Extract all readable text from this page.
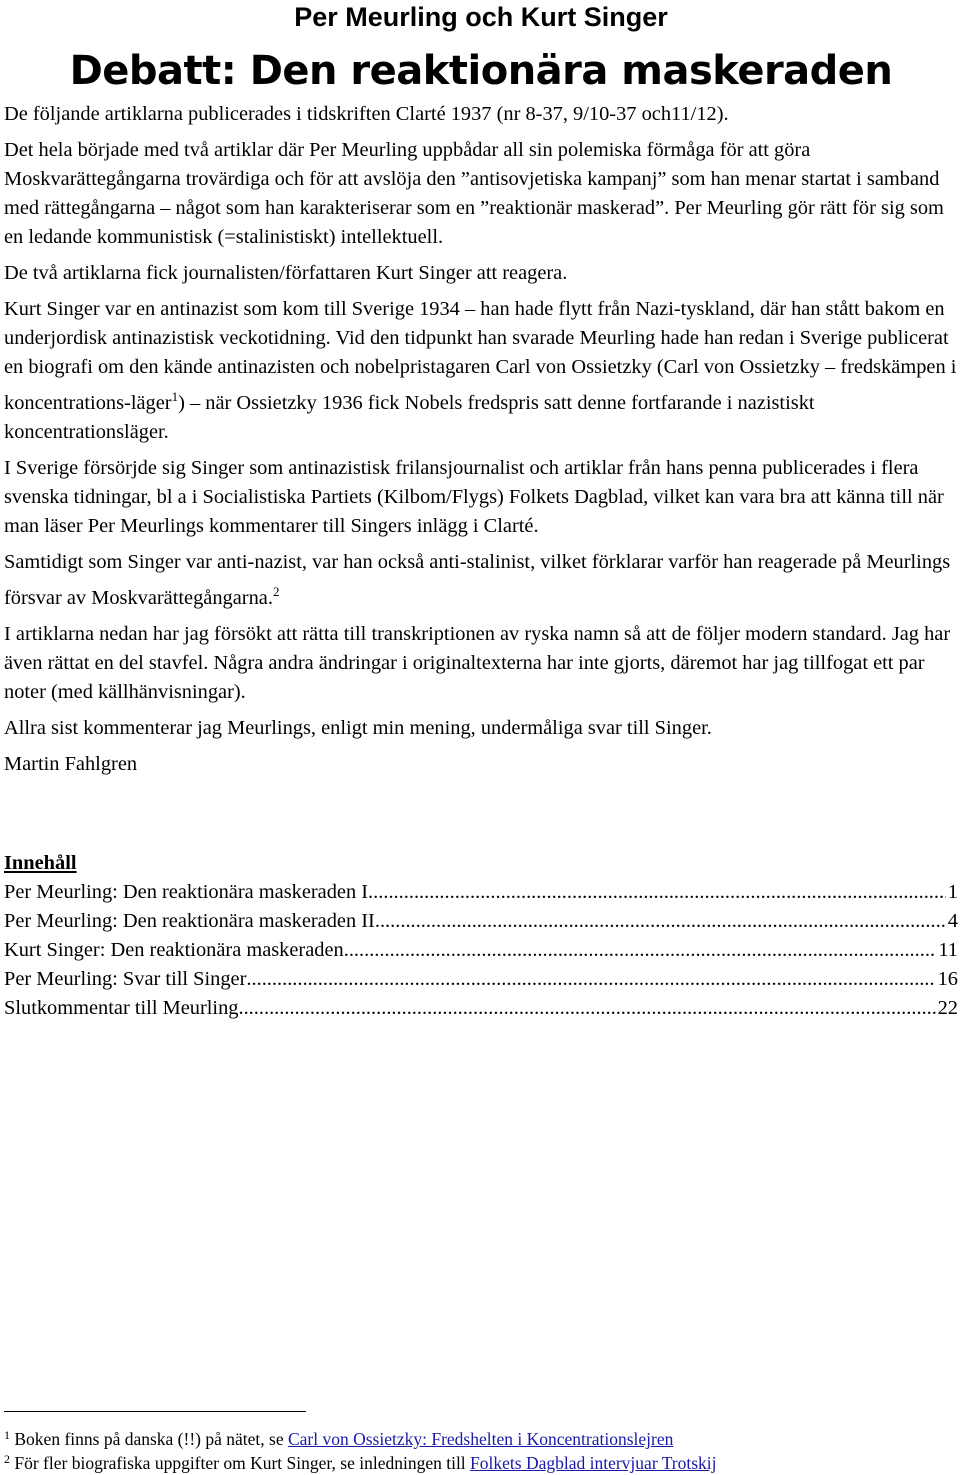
Per Meurling och Kurt Singer
Debatt: Den reaktionära maskeraden

De följande artiklarna publicerades i tidskriften Clarté 1937 (nr 8-37, 9/10-37 och11/12).

Det hela började med två artiklar där Per Meurling uppbådar all sin polemiska förmåga för att göra Moskvarättegångarna trovärdiga och för att avslöja den ”antisovjetiska kampanj” som han menar startat i samband med rättegångarna – något som han karakteriserar som en ”reaktionär maskerad”. Per Meurling gör rätt för sig som en ledande kommunistisk (=stalinistiskt) intellektuell.

De två artiklarna fick journalisten/författaren Kurt Singer att reagera.

Kurt Singer var en antinazist som kom till Sverige 1934 – han hade flytt från Nazi-tyskland, där han stått bakom en underjordisk antinazistisk veckotidning. Vid den tidpunkt han svarade Meurling hade han redan i Sverige publicerat en biografi om den kände antinazisten och nobelpristagaren Carl von Ossietzky (Carl von Ossietzky – fredskämpen i koncentrations-läger$^1$) – när Ossietzky 1936 fick Nobels fredspris satt denne fortfarande i nazistiskt koncentrationsläger.

I Sverige försörjde sig Singer som antinazistisk frilansjournalist och artiklar från hans penna publicerades i flera svenska tidningar, bl a i Socialistiska Partiets (Kilbom/Flygs) Folkets Dagblad, vilket kan vara bra att känna till när man läser Per Meurlings kommentarer till Singers inlägg i Clarté.

Samtidigt som Singer var anti-nazist, var han också anti-stalinist, vilket förklarar varför han reagerade på Meurlings försvar av Moskvarättegångarna.$^2$

I artiklarna nedan har jag försökt att rätta till transkriptionen av ryska namn så att de följer modern standard. Jag har även rättat en del stavfel. Några andra ändringar i originaltexterna har inte gjorts, däremot har jag tillfogat ett par noter (med källhänvisningar).

Allra sist kommenterar jag Meurlings, enligt min mening, undermåliga svar till Singer.

Martin Fahlgren

Innehåll
Per Meurling: Den reaktionära maskeraden I. .....	1
Per Meurling: Den reaktionära maskeraden II. .....	4
Kurt Singer: Den reaktionära maskeraden .....	11
Per Meurling: Svar till Singer .....	16
Slutkommentar till Meurling .....	22
$^1$ Boken finns på danska (!!) på nätet, se Carl von Ossietzky: Fredshelten i Koncentrationslejren
$^2$ För fler biografiska uppgifter om Kurt Singer, se inledningen till Folkets Dagblad intervjuar Trotskij
